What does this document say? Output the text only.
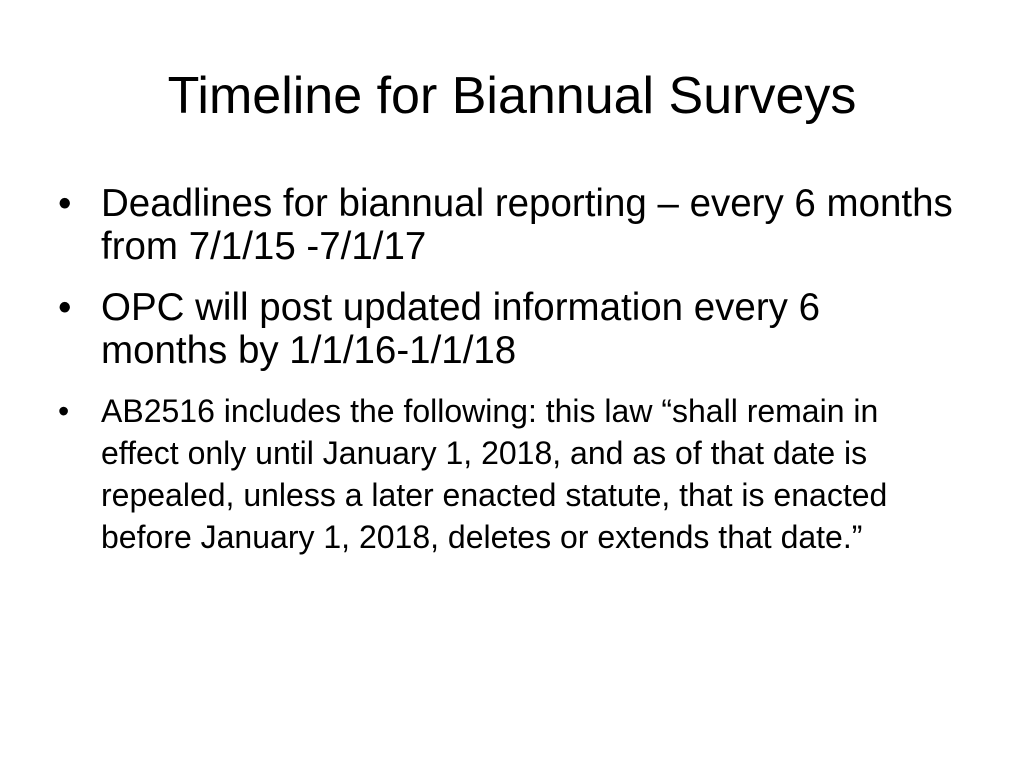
Timeline for Biannual Surveys
• Deadlines for biannual reporting – every 6 months from 7/1/15 -7/1/17
• OPC will post updated information every 6 months by 1/1/16-1/1/18
• AB2516 includes the following: this law “shall remain in effect only until January 1, 2018, and as of that date is repealed, unless a later enacted statute, that is enacted before January 1, 2018, deletes or extends that date.”
